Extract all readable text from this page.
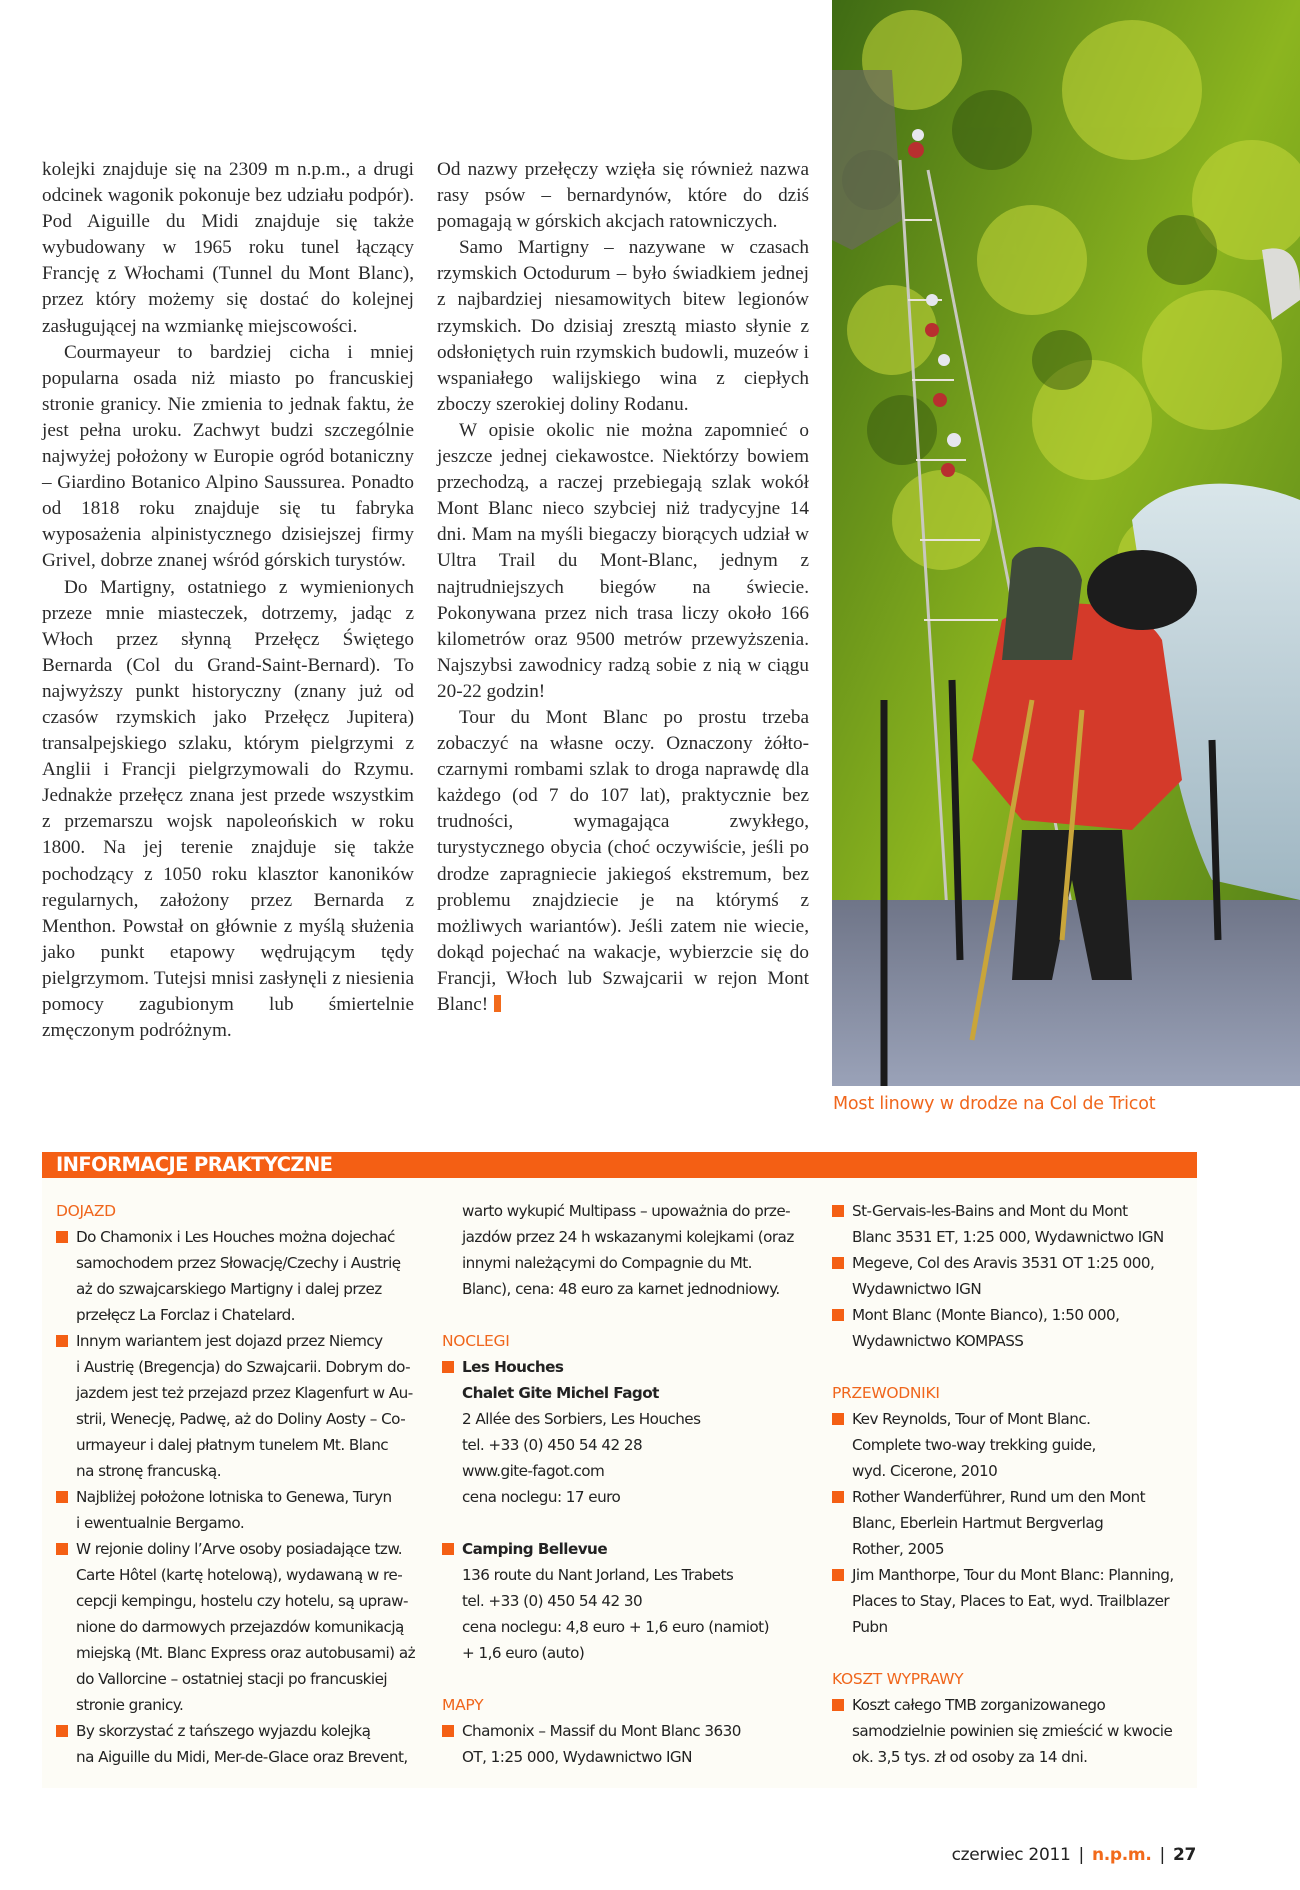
kolejki znajduje się na 2309 m n.p.m., a drugi odcinek wagonik pokonuje bez udziału podpór). Pod Aiguille du Midi znajduje się także wybudowany w 1965 roku tunel łączący Francję z Włochami (Tunnel du Mont Blanc), przez który możemy się dostać do kolejnej zasługującej na wzmiankę miejscowości.

Courmayeur to bardziej cicha i mniej popularna osada niż miasto po francuskiej stronie granicy. Nie zmienia to jednak faktu, że jest pełna uroku. Zachwyt budzi szczególnie najwyżej położony w Europie ogród botaniczny – Giardino Botanico Alpino Saussurea. Ponadto od 1818 roku znajduje się tu fabryka wyposażenia alpinistycznego dzisiejszej firmy Grivel, dobrze znanej wśród górskich turystów.

Do Martigny, ostatniego z wymienionych przeze mnie miasteczek, dotrzemy, jadąc z Włoch przez słynną Przełęcz Świętego Bernarda (Col du Grand-Saint-Bernard). To najwyższy punkt historyczny (znany już od czasów rzymskich jako Przełęcz Jupitera) transalpejskiego szlaku, którym pielgrzymi z Anglii i Francji pielgrzymowali do Rzymu. Jednakże przełęcz znana jest przede wszystkim z przemarszu wojsk napoleońskich w roku 1800. Na jej terenie znajduje się także pochodzący z 1050 roku klasztor kanoników regularnych, założony przez Bernarda z Menthon. Powstał on głównie z myślą służenia jako punkt etapowy wędrującym tędy pielgrzymom. Tutejsi mnisi zasłynęli z niesienia pomocy zagubionym lub śmiertelnie zmęczonym podróżnym.

Od nazwy przełęczy wzięła się również nazwa rasy psów – bernardynów, które do dziś pomagają w górskich akcjach ratowniczych.

Samo Martigny – nazywane w czasach rzymskich Octodurum – było świadkiem jednej z najbardziej niesamowitych bitew legionów rzymskich. Do dzisiaj zresztą miasto słynie z odsłoniętych ruin rzymskich budowli, muzeów i wspaniałego walijskiego wina z ciepłych zboczy szerokiej doliny Rodanu.

W opisie okolic nie można zapomnieć o jeszcze jednej ciekawostce. Niektórzy bowiem przechodzą, a raczej przebiegają szlak wokół Mont Blanc nieco szybciej niż tradycyjne 14 dni. Mam na myśli biegaczy biorących udział w Ultra Trail du Mont-Blanc, jednym z najtrudniejszych biegów na świecie. Pokonywana przez nich trasa liczy około 166 kilometrów oraz 9500 metrów przewyższenia. Najszybsi zawodnicy radzą sobie z nią w ciągu 20-22 godzin!

Tour du Mont Blanc po prostu trzeba zobaczyć na własne oczy. Oznaczony żółto-czarnymi rombami szlak to droga naprawdę dla każdego (od 7 do 107 lat), praktycznie bez trudności, wymagająca zwykłego, turystycznego obycia (choć oczywiście, jeśli po drodze zapragniecie jakiegoś ekstremum, bez problemu znajdziecie je na którymś z możliwych wariantów). Jeśli zatem nie wiecie, dokąd pojechać na wakacje, wybierzcie się do Francji, Włoch lub Szwajcarii w rejon Mont Blanc!

Most linowy w drodze na Col de Tricot
INFORMACJE PRAKTYCZNE
DOJAZD
Do Chamonix i Les Houches można dojechać
samochodem przez Słowację/Czechy i Austrię
aż do szwajcarskiego Martigny i dalej przez
przełęcz La Forclaz i Chatelard.
Innym wariantem jest dojazd przez Niemcy
i Austrię (Bregencja) do Szwajcarii. Dobrym do-
jazdem jest też przejazd przez Klagenfurt w Au-
strii, Wenecję, Padwę, aż do Doliny Aosty – Co-
urmayeur i dalej płatnym tunelem Mt. Blanc
na stronę francuską.
Najbliżej położone lotniska to Genewa, Turyn
i ewentualnie Bergamo.
W rejonie doliny l’Arve osoby posiadające tzw.
Carte Hôtel (kartę hotelową), wydawaną w re-
cepcji kempingu, hostelu czy hotelu, są upraw-
nione do darmowych przejazdów komunikacją
miejską (Mt. Blanc Express oraz autobusami) aż
do Vallorcine – ostatniej stacji po francuskiej
stronie granicy.
By skorzystać z tańszego wyjazdu kolejką
na Aiguille du Midi, Mer-de-Glace oraz Brevent,
warto wykupić Multipass – upoważnia do prze-
jazdów przez 24 h wskazanymi kolejkami (oraz
innymi należącymi do Compagnie du Mt.
Blanc), cena: 48 euro za karnet jednodniowy.
NOCLEGI
Les Houches
Chalet Gite Michel Fagot
2 Allée des Sorbiers, Les Houches
tel. +33 (0) 450 54 42 28
www.gite-fagot.com
cena noclegu: 17 euro
Camping Bellevue
136 route du Nant Jorland, Les Trabets
tel. +33 (0) 450 54 42 30
cena noclegu: 4,8 euro + 1,6 euro (namiot)
+ 1,6 euro (auto)
MAPY
Chamonix – Massif du Mont Blanc 3630
OT, 1:25 000, Wydawnictwo IGN
St-Gervais-les-Bains and Mont du Mont
Blanc 3531 ET, 1:25 000, Wydawnictwo IGN
Megeve, Col des Aravis 3531 OT 1:25 000,
Wydawnictwo IGN
Mont Blanc (Monte Bianco), 1:50 000,
Wydawnictwo KOMPASS
PRZEWODNIKI
Kev Reynolds, Tour of Mont Blanc.
Complete two-way trekking guide,
wyd. Cicerone, 2010
Rother Wanderführer, Rund um den Mont
Blanc, Eberlein Hartmut Bergverlag
Rother, 2005
Jim Manthorpe, Tour du Mont Blanc: Planning,
Places to Stay, Places to Eat, wyd. Trailblazer
Pubn
KOSZT WYPRAWY
Koszt całego TMB zorganizowanego
samodzielnie powinien się zmieścić w kwocie
ok. 3,5 tys. zł od osoby za 14 dni.
czerwiec 2011 | n.p.m. | 27
